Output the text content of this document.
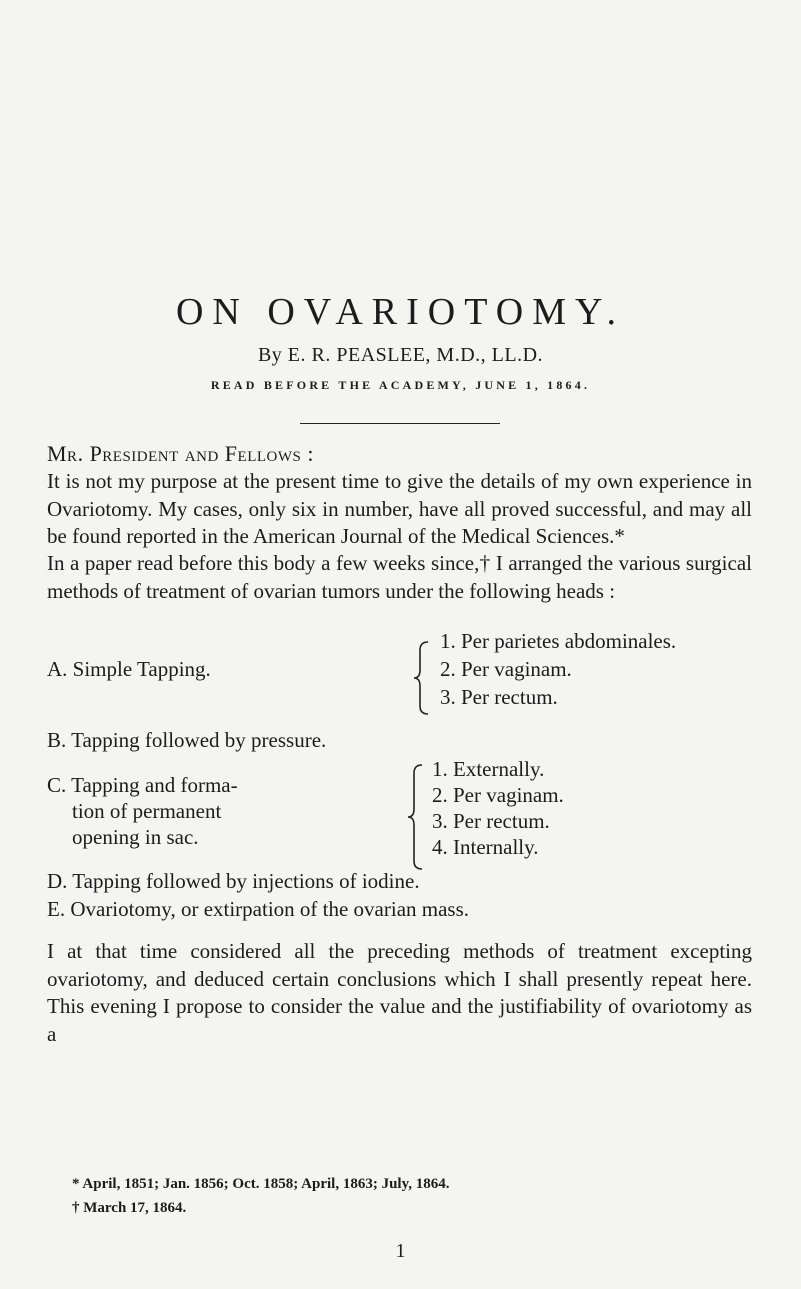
ON OVARIOTOMY.
By E. R. PEASLEE, M.D., LL.D.
READ BEFORE THE ACADEMY, JUNE 1, 1864.
Mr. President and Fellows :
It is not my purpose at the present time to give the details of my own experience in Ovariotomy. My cases, only six in number, have all proved successful, and may all be found reported in the American Journal of the Medical Sciences.*
In a paper read before this body a few weeks since,† I arranged the various surgical methods of treatment of ovarian tumors under the following heads :
A. Simple Tapping.
1. Per parietes abdominales.
2. Per vaginam.
3. Per rectum.
B. Tapping followed by pressure.
C. Tapping and forma-
tion of permanent
opening in sac.
1. Externally.
2. Per vaginam.
3. Per rectum.
4. Internally.
D. Tapping followed by injections of iodine.
E. Ovariotomy, or extirpation of the ovarian mass.
I at that time considered all the preceding methods of treatment excepting ovariotomy, and deduced certain conclusions which I shall presently repeat here. This evening I propose to consider the value and the justifiability of ovariotomy as a
* April, 1851; Jan. 1856; Oct. 1858; April, 1863; July, 1864.
† March 17, 1864.
1
